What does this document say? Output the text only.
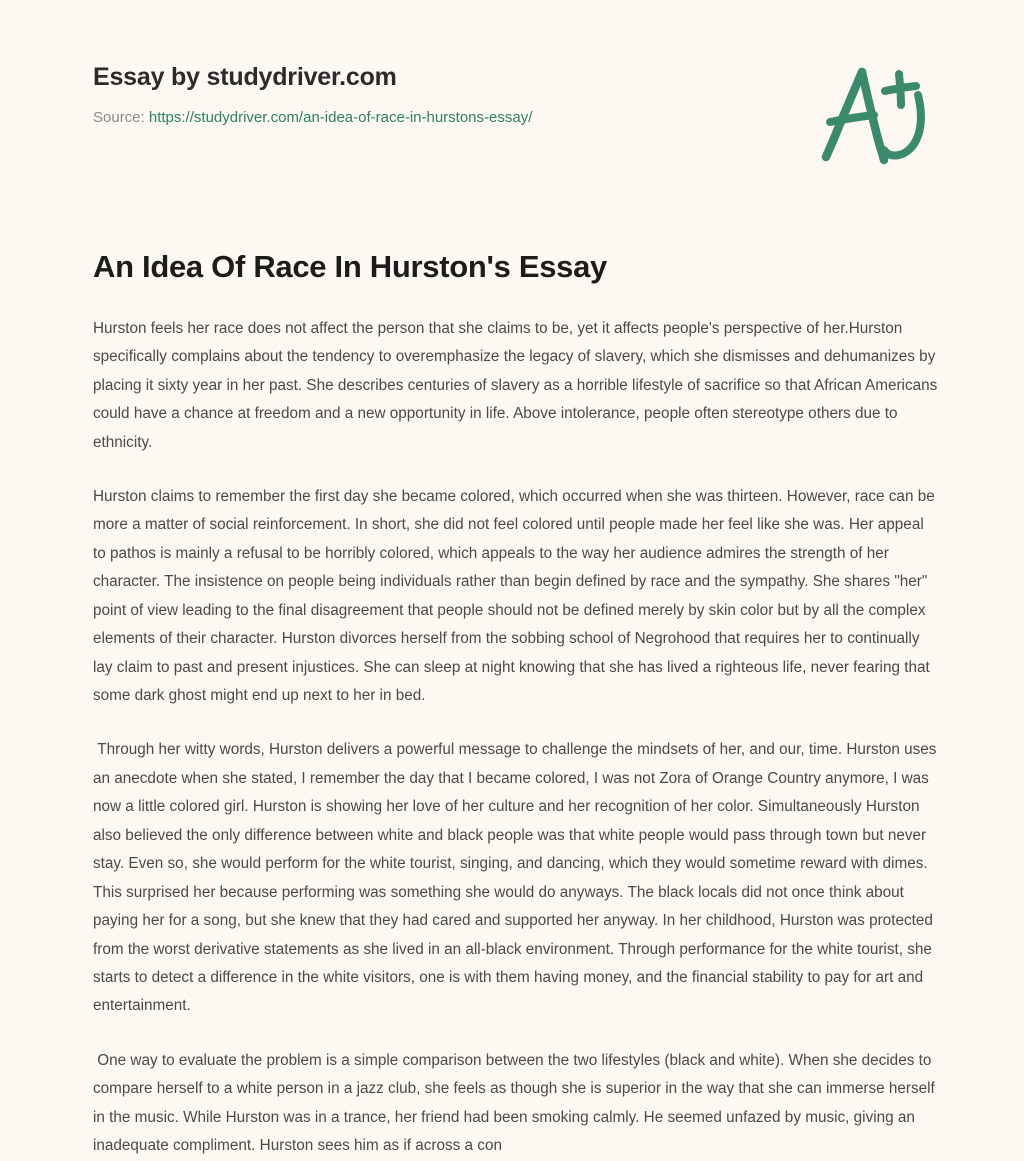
Essay by studydriver.com
Source: https://studydriver.com/an-idea-of-race-in-hurstons-essay/
An Idea Of Race In Hurston's Essay

Hurston feels her race does not affect the person that she claims to be, yet it affects people's perspective of her.Hurston specifically complains about the tendency to overemphasize the legacy of slavery, which she dismisses and dehumanizes by placing it sixty year in her past. She describes centuries of slavery as a horrible lifestyle of sacrifice so that African Americans could have a chance at freedom and a new opportunity in life. Above intolerance, people often stereotype others due to ethnicity.

Hurston claims to remember the first day she became colored, which occurred when she was thirteen. However, race can be more a matter of social reinforcement. In short, she did not feel colored until people made her feel like she was. Her appeal to pathos is mainly a refusal to be horribly colored, which appeals to the way her audience admires the strength of her character. The insistence on people being individuals rather than begin defined by race and the sympathy. She shares "her" point of view leading to the final disagreement that people should not be defined merely by skin color but by all the complex elements of their character. Hurston divorces herself from the sobbing school of Negrohood that requires her to continually lay claim to past and present injustices. She can sleep at night knowing that she has lived a righteous life, never fearing that some dark ghost might end up next to her in bed.

Through her witty words, Hurston delivers a powerful message to challenge the mindsets of her, and our, time. Hurston uses an anecdote when she stated, I remember the day that I became colored, I was not Zora of Orange Country anymore, I was now a little colored girl. Hurston is showing her love of her culture and her recognition of her color. Simultaneously Hurston also believed the only difference between white and black people was that white people would pass through town but never stay. Even so, she would perform for the white tourist, singing, and dancing, which they would sometime reward with dimes. This surprised her because performing was something she would do anyways. The black locals did not once think about paying her for a song, but she knew that they had cared and supported her anyway. In her childhood, Hurston was protected from the worst derivative statements as she lived in an all-black environment. Through performance for the white tourist, she starts to detect a difference in the white visitors, one is with them having money, and the financial stability to pay for art and entertainment.

One way to evaluate the problem is a simple comparison between the two lifestyles (black and white). When she decides to compare herself to a white person in a jazz club, she feels as though she is superior in the way that she can immerse herself in the music. While Hurston was in a trance, her friend had been smoking calmly. He seemed unfazed by music, giving an inadequate compliment. Hurston sees him as if across a con
